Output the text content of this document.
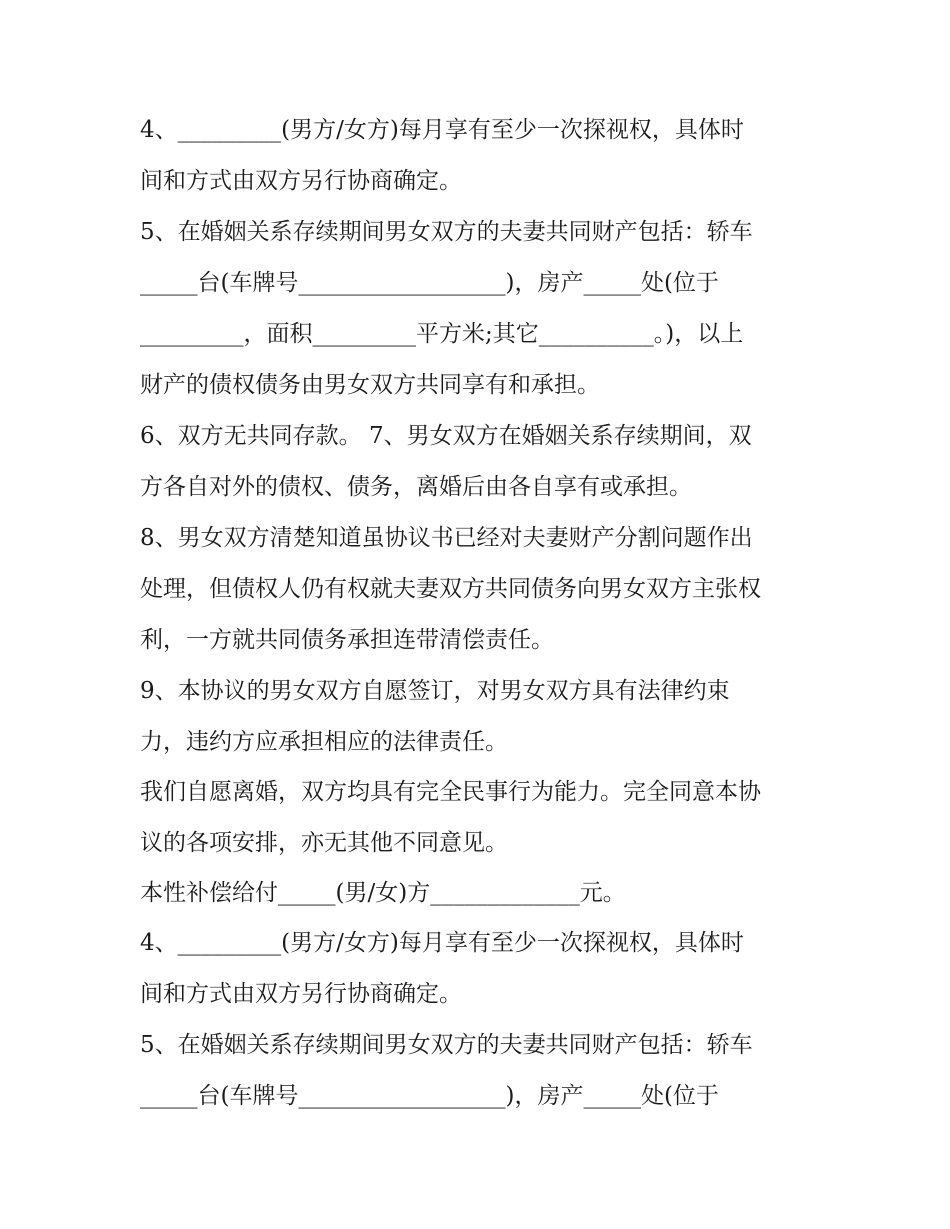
4、_________(男方/女方)每月享有至少一次探视权，具体时
间和方式由双方另行协商确定。
5、在婚姻关系存续期间男女双方的夫妻共同财产包括：轿车
_____台(车牌号__________________)，房产_____处(位于
_________，面积_________平方米;其它__________。)，以上
财产的债权债务由男女双方共同享有和承担。
6、双方无共同存款。 7、男女双方在婚姻关系存续期间，双
方各自对外的债权、债务，离婚后由各自享有或承担。
8、男女双方清楚知道虽协议书已经对夫妻财产分割问题作出
处理，但债权人仍有权就夫妻双方共同债务向男女双方主张权
利，一方就共同债务承担连带清偿责任。
9、本协议的男女双方自愿签订，对男女双方具有法律约束
力，违约方应承担相应的法律责任。
我们自愿离婚，双方均具有完全民事行为能力。完全同意本协
议的各项安排，亦无其他不同意见。
本性补偿给付_____(男/女)方_____________元。
4、_________(男方/女方)每月享有至少一次探视权，具体时
间和方式由双方另行协商确定。
5、在婚姻关系存续期间男女双方的夫妻共同财产包括：轿车
_____台(车牌号__________________)，房产_____处(位于
